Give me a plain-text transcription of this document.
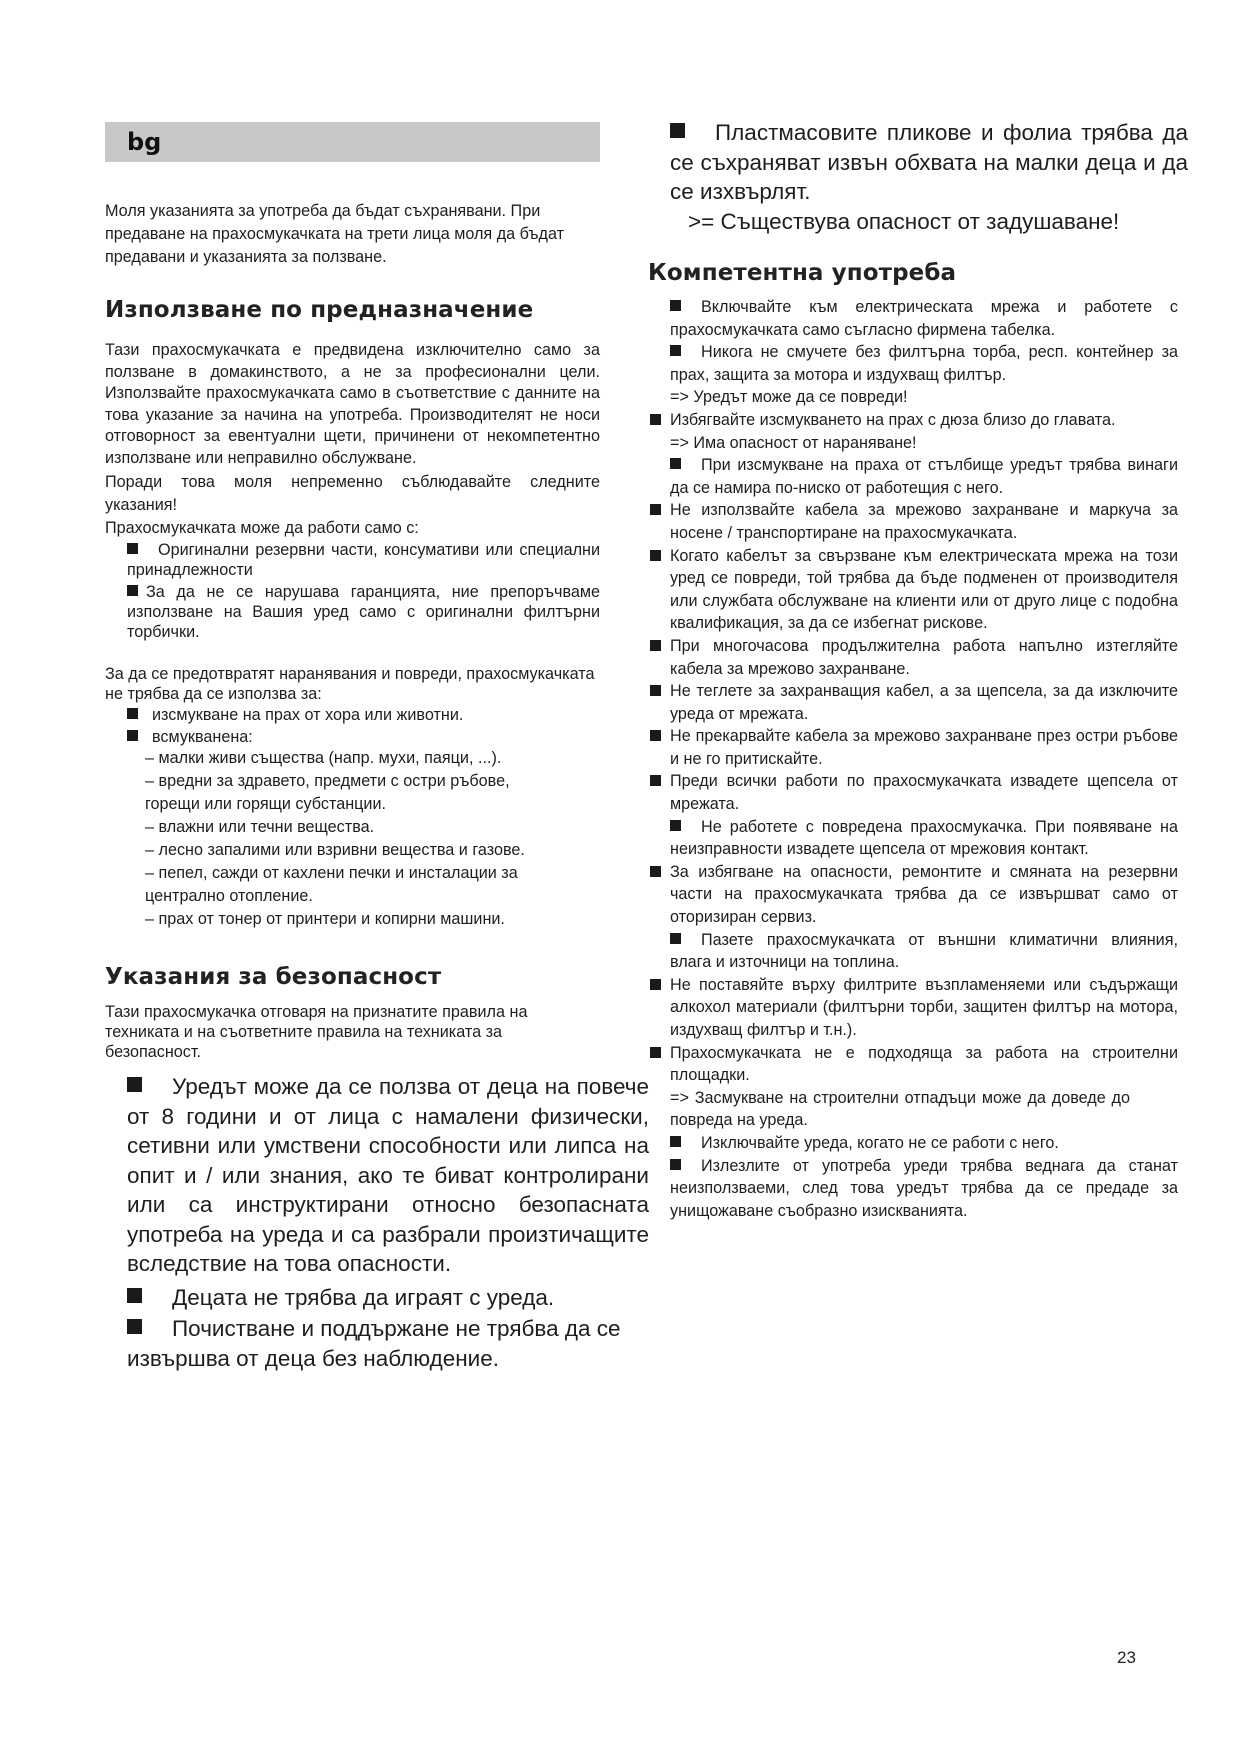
bg

Моля указанията за употреба да бъдат съхранявани. При предаване на прахосмукачката на трети лица моля да бъдат предавани и указанията за ползване.

Използване по предназначение

Тази прахосмукачката е предвидена изключително само за ползване в домакинството, а не за професионални цели. Използвайте прахосмукачката само в съответствие с данните на това указание за начина на употреба. Производителят не носи отговорност за евентуални щети, причинени от некомпетентно използване или неправилно обслужване.

Поради това моля непременно съблюдавайте следните указания!

Прахосмукачката може да работи само с:

Оригинални резервни части, консумативи или специални принадлежности
За да не се нарушава гаранцията, ние препоръчваме използване на Вашия уред само с оригинални филтърни торбички.

За да се предотвратят наранявания и повреди, прахосмукачката не трябва да се използва за:

изсмукване на прах от хора или животни.
всмукванена:
– малки живи същества (напр. мухи, паяци, ...).
– вредни за здравето, предмети с остри ръбове, горещи или горящи субстанции.
– влажни или течни вещества.
– лесно запалими или взривни вещества и газове.
– пепел, сажди от кахлени печки и инсталации за централно отопление.
– прах от тонер от принтери и копирни машини.
Указания за безопасност

Тази прахосмукачка отговаря на признатите правила на техниката и на съответните правила на техниката за безопасност.

Уредът може да се ползва от деца на повече от 8 години и от лица с намалени физически, сетивни или умствени способности или липса на опит и / или знания, ако те биват контролирани или са инструктирани относно безопасната употреба на уреда и са разбрали произтичащите вследствие на това опасности.
Децата не трябва да играят с уреда.
Почистване и поддържане не трябва да се извършва от деца без наблюдение.
Пластмасовите пликове и фолиа трябва да се съхраняват извън обхвата на малки деца и да се изхвърлят.
>= Съществува опасност от задушаване!
Компетентна употреба
Включвайте към електрическата мрежа и работете с прахосмукачката само съгласно фирмена табелка.
Никога не смучете без филтърна торба, респ. контейнер за прах, защита за мотора и издухващ филтър.
=> Уредът може да се повреди!
Избягвайте изсмукването на прах с дюза близо до главата.
=> Има опасност от нараняване!
При изсмукване на праха от стълбище уредът трябва винаги да се намира по-ниско от работещия с него.
Не използвайте кабела за мрежово захранване и маркуча за носене / транспортиране на прахосмукачката.
Когато кабелът за свързване към електрическата мрежа на този уред се повреди, той трябва да бъде подменен от производителя или службата обслужване на клиенти или от друго лице с подобна квалификация, за да се избегнат рисковe.
При многочасова продължителна работа напълно изтегляйте кабела за мрежово захранване.
Не теглете за захранващия кабел, а за щепсела, за да изключите уреда от мрежата.
Не прекарвайте кабела за мрежово захранване през остри ръбове и не го притискайте.
Преди всички работи по прахосмукачката извадете щепсела от мрежата.
Не работете с повредена прахосмукачка. При появяване на неизправности извадете щепсела от мрежовия контакт.
За избягване на опасности, ремонтите и смяната на резервни части на прахосмукачката трябва да се извършват само от оторизиран сервиз.
Пазете прахосмукачката от външни климатични влияния, влага и източници на топлина.
Не поставяйте върху филтрите възпламеняеми или съдържащи алкохол материали (филтърни торби, защитен филтър на мотора, издухващ филтър и т.н.).
Прахосмукачката не е подходяща за работа на строителни площадки.
=> Засмукване на строителни отпадъци може да доведе до повреда на уреда.
Изключвайте уреда, когато не се работи с него.
Излезлите от употреба уреди трябва веднага да станат неизползваеми, след това уредът трябва да се предаде за унищожаване съобразно изискванията.
23
